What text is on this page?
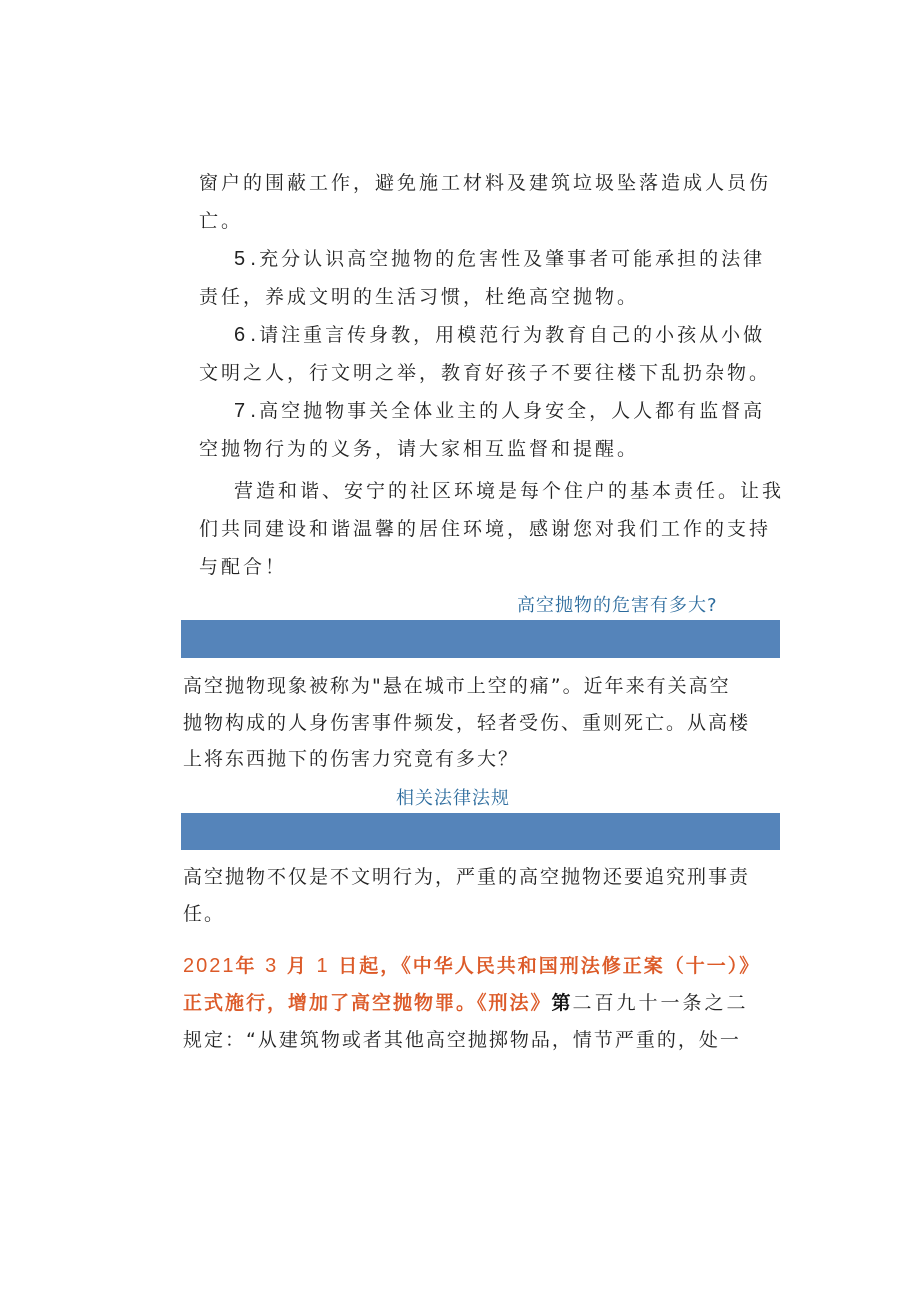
窗户的围蔽工作，避免施工材料及建筑垃圾坠落造成人员伤
亡。
5 .充分认识高空抛物的危害性及肇事者可能承担的法律
责任，养成文明的生活习惯，杜绝高空抛物。
6 .请注重言传身教，用模范行为教育自己的小孩从小做
文明之人，行文明之举，教育好孩子不要往楼下乱扔杂物。
7 .高空抛物事关全体业主的人身安全，人人都有监督高
空抛物行为的义务，请大家相互监督和提醒。
营造和谐、安宁的社区环境是每个住户的基本责任。让我
们共同建设和谐温馨的居住环境，感谢您对我们工作的支持
与配合！
高空抛物的危害有多大?
高空抛物现象被称为"悬在城市上空的痛”。近年来有关高空
抛物构成的人身伤害事件频发，轻者受伤、重则死亡。从高楼
上将东西抛下的伤害力究竟有多大？
相关法律法规
高空抛物不仅是不文明行为，严重的高空抛物还要追究刑事责
任。
2021年 3 月 1 日起，《中华人民共和国刑法修正案（十一）》
正式施行，增加了高空抛物罪。《刑法》第二百九十一条之二
规定：“从建筑物或者其他高空抛掷物品，情节严重的，处一
